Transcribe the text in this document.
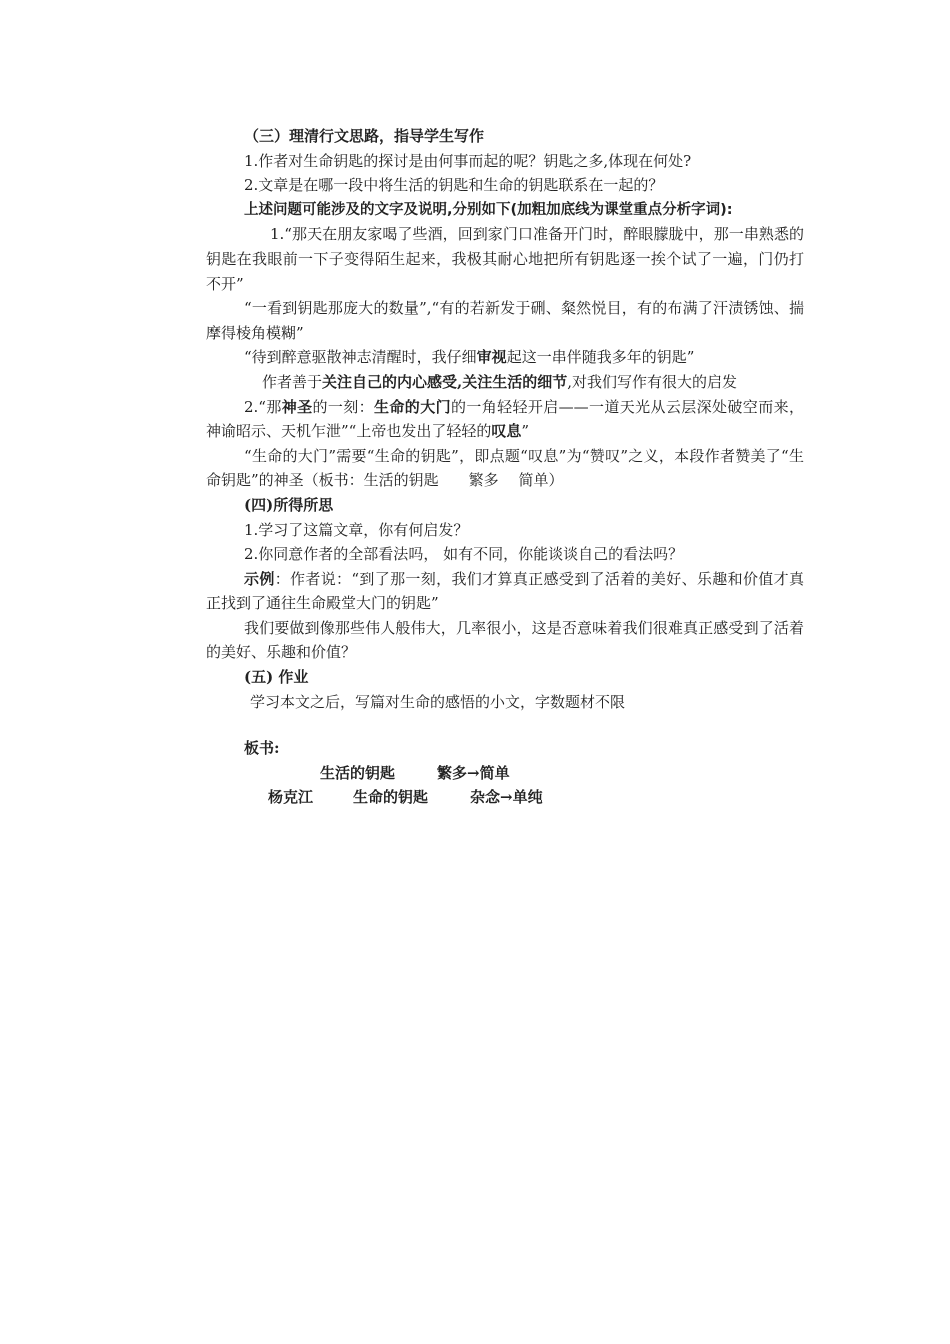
（三）理清行文思路，指导学生写作

1.作者对生命钥匙的探讨是由何事而起的呢？钥匙之多,体现在何处?

2.文章是在哪一段中将生活的钥匙和生命的钥匙联系在一起的？

上述问题可能涉及的文字及说明,分别如下(加粗加底线为课堂重点分析字词):

1.“那天在朋友家喝了些酒，回到家门口准备开门时，醉眼朦胧中，那一串熟悉的钥匙在我眼前一下子变得陌生起来，我极其耐心地把所有钥匙逐一挨个试了一遍，门仍打不开”

“一看到钥匙那庞大的数量”,“有的若新发于硎、粲然悦目，有的布满了汗渍锈蚀、揣摩得棱角模糊”

“待到醉意驱散神志清醒时，我仔细审视起这一串伴随我多年的钥匙”

作者善于关注自己的内心感受,关注生活的细节,对我们写作有很大的启发

2.“那神圣的一刻：生命的大门的一角轻轻开启——一道天光从云层深处破空而来，神谕昭示、天机乍泄”“上帝也发出了轻轻的叹息”

“生命的大门”需要“生命的钥匙”，即点题“叹息”为“赞叹”之义，本段作者赞美了“生命钥匙”的神圣（板书：生活的钥匙　　繁多　 简单）

(四)所得所思

1.学习了这篇文章，你有何启发？

2.你同意作者的全部看法吗， 如有不同，你能谈谈自己的看法吗？

示例：作者说：“到了那一刻，我们才算真正感受到了活着的美好、乐趣和价值才真正找到了通往生命殿堂大门的钥匙”

我们要做到像那些伟人般伟大，几率很小，这是否意味着我们很难真正感受到了活着的美好、乐趣和价值？

(五) 作业

学习本文之后，写篇对生命的感悟的小文，字数题材不限

板书:

生活的钥匙	繁多→简单

杨克江	生命的钥匙	杂念→单纯
